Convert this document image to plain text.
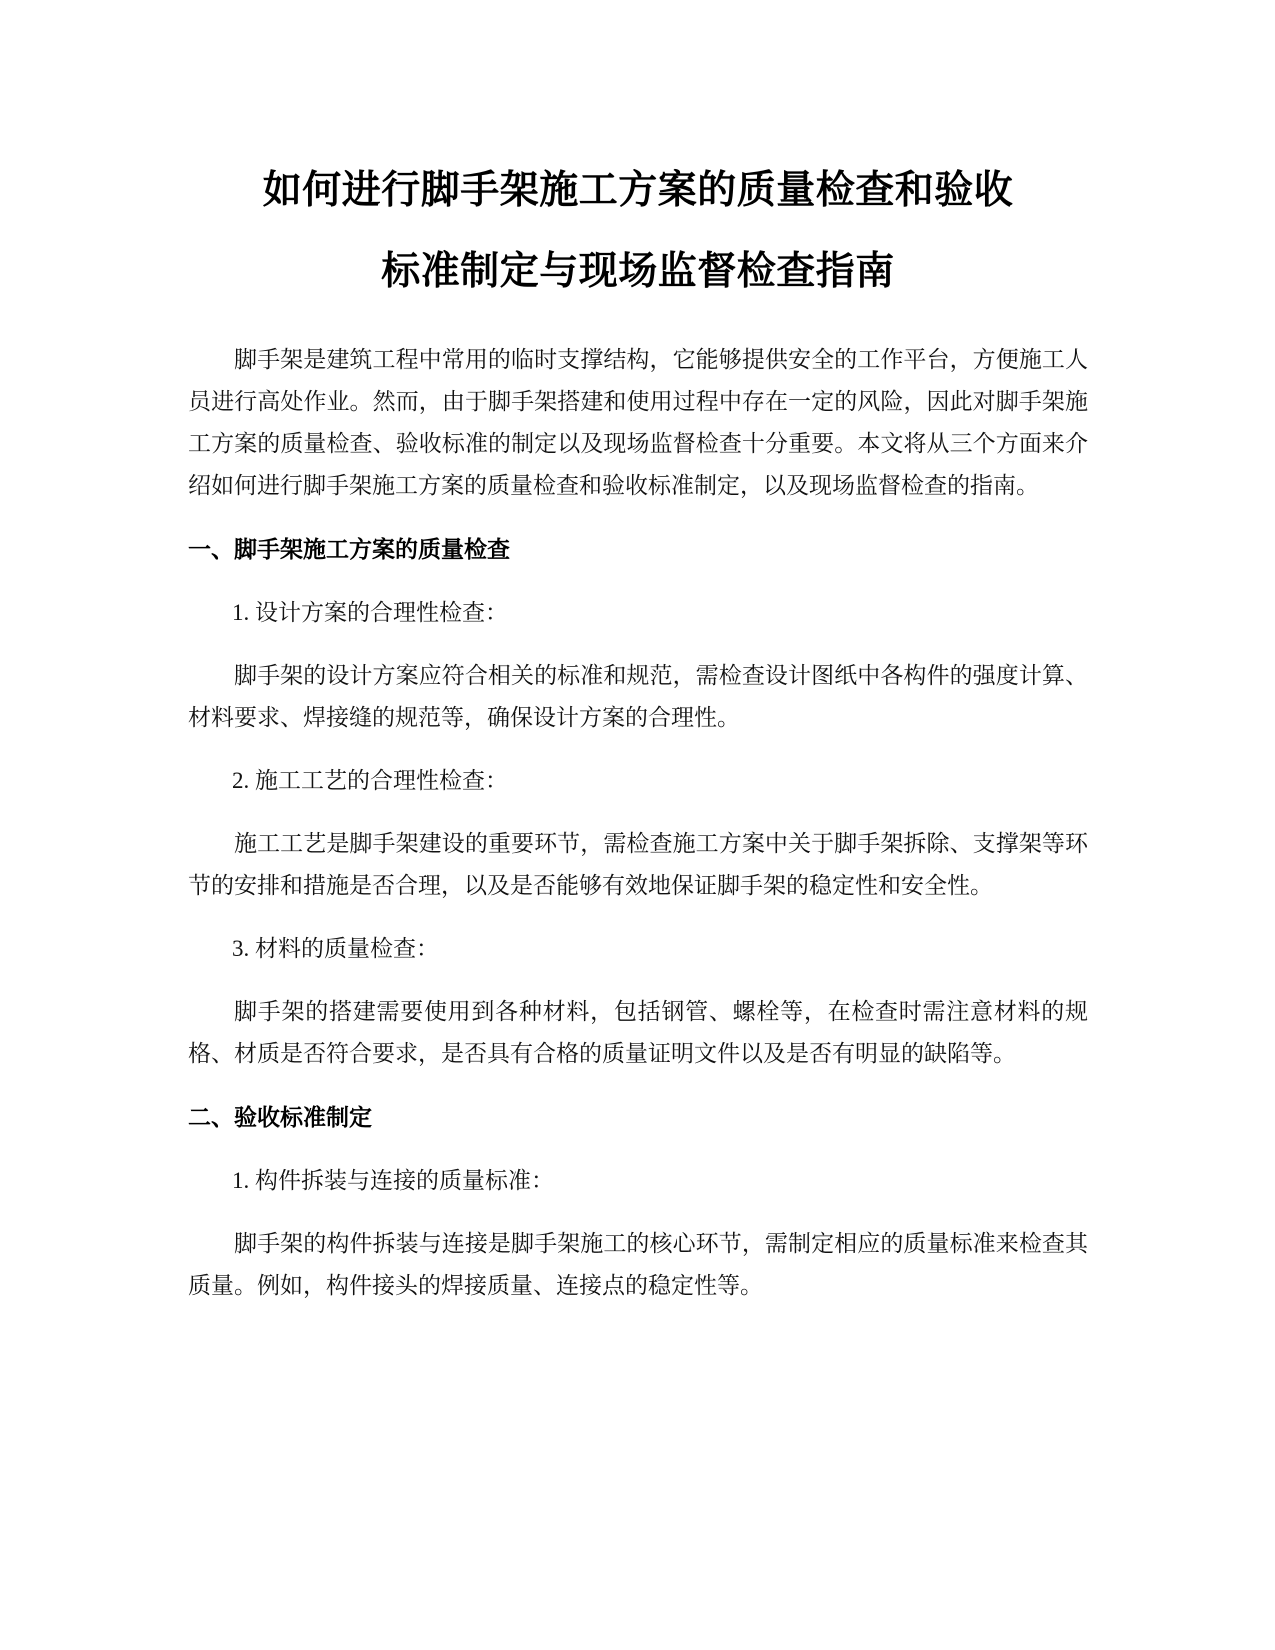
如何进行脚手架施工方案的质量检查和验收
标准制定与现场监督检查指南

脚手架是建筑工程中常用的临时支撑结构，它能够提供安全的工作平台，方便施工人员进行高处作业。然而，由于脚手架搭建和使用过程中存在一定的风险，因此对脚手架施工方案的质量检查、验收标准的制定以及现场监督检查十分重要。本文将从三个方面来介绍如何进行脚手架施工方案的质量检查和验收标准制定，以及现场监督检查的指南。

一、脚手架施工方案的质量检查

1. 设计方案的合理性检查：

脚手架的设计方案应符合相关的标准和规范，需检查设计图纸中各构件的强度计算、材料要求、焊接缝的规范等，确保设计方案的合理性。

2. 施工工艺的合理性检查：

施工工艺是脚手架建设的重要环节，需检查施工方案中关于脚手架拆除、支撑架等环节的安排和措施是否合理，以及是否能够有效地保证脚手架的稳定性和安全性。

3. 材料的质量检查：

脚手架的搭建需要使用到各种材料，包括钢管、螺栓等，在检查时需注意材料的规格、材质是否符合要求，是否具有合格的质量证明文件以及是否有明显的缺陷等。

二、验收标准制定

1. 构件拆装与连接的质量标准：

脚手架的构件拆装与连接是脚手架施工的核心环节，需制定相应的质量标准来检查其质量。例如，构件接头的焊接质量、连接点的稳定性等。
